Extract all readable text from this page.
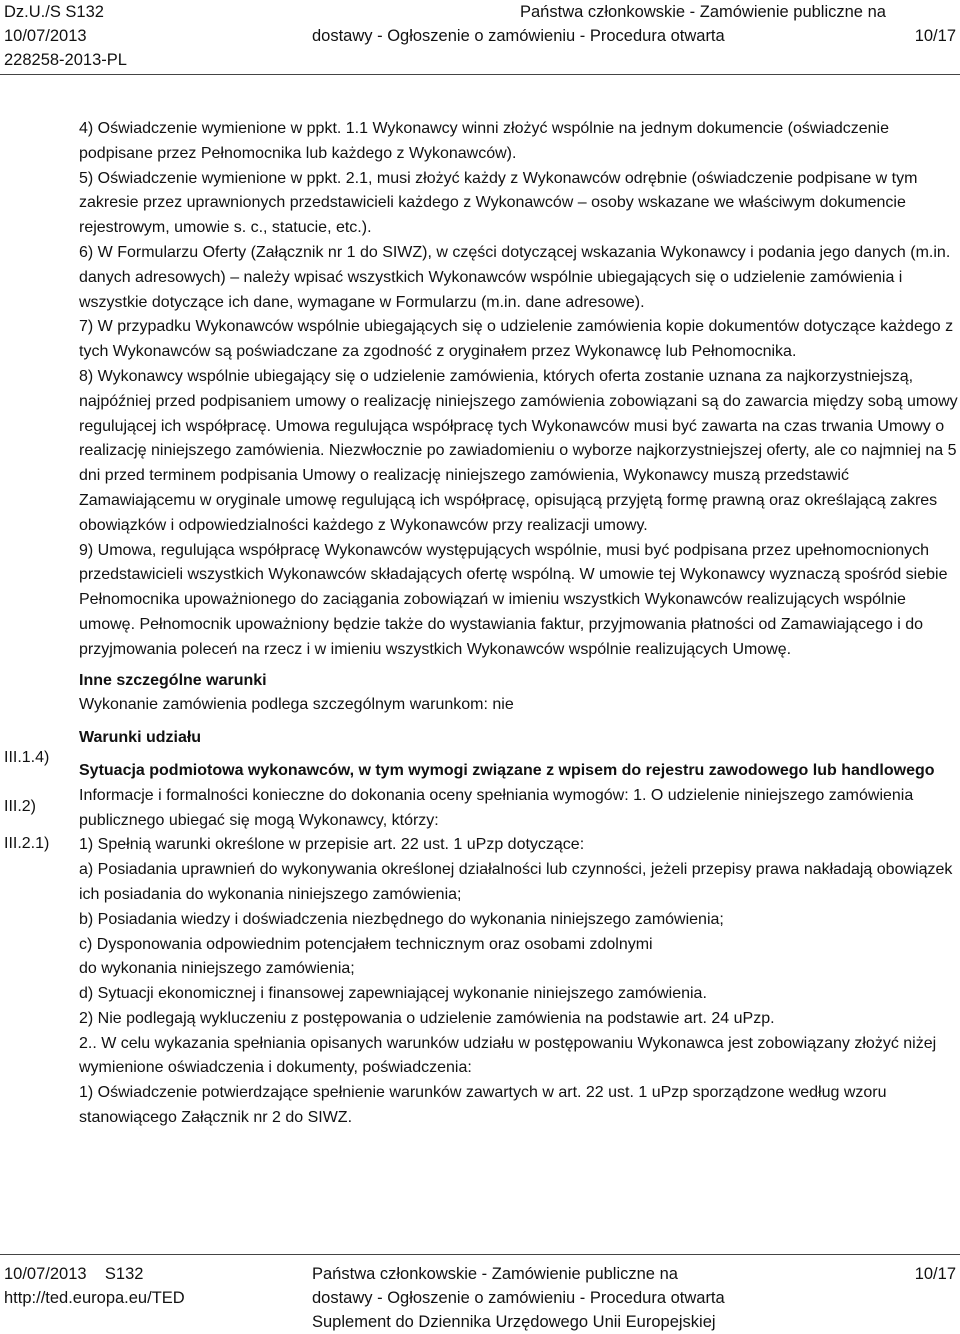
Dz.U./S S132
10/07/2013
228258-2013-PL
Państwa członkowskie - Zamówienie publiczne na
dostawy - Ogłoszenie o zamówieniu - Procedura otwarta	10/17
III.1.4)
III.2)
III.2.1)

4) Oświadczenie wymienione w ppkt. 1.1 Wykonawcy winni złożyć wspólnie na jednym dokumencie (oświadczenie podpisane przez Pełnomocnika lub każdego z Wykonawców).

5) Oświadczenie wymienione w ppkt. 2.1, musi złożyć każdy z Wykonawców odrębnie (oświadczenie podpisane w tym zakresie przez uprawnionych przedstawicieli każdego z Wykonawców – osoby wskazane we właściwym dokumencie rejestrowym, umowie s. c., statucie, etc.).

6) W Formularzu Oferty (Załącznik nr 1 do SIWZ), w części dotyczącej wskazania Wykonawcy i podania jego danych (m.in. danych adresowych) – należy wpisać wszystkich Wykonawców wspólnie ubiegających się o udzielenie zamówienia i wszystkie dotyczące ich dane, wymagane w Formularzu (m.in. dane adresowe).

7) W przypadku Wykonawców wspólnie ubiegających się o udzielenie zamówienia kopie dokumentów dotyczące każdego z tych Wykonawców są poświadczane za zgodność z oryginałem przez Wykonawcę lub Pełnomocnika.

8) Wykonawcy wspólnie ubiegający się o udzielenie zamówienia, których oferta zostanie uznana za najkorzystniejszą, najpóźniej przed podpisaniem umowy o realizację niniejszego zamówienia zobowiązani są do zawarcia między sobą umowy regulującej ich współpracę. Umowa regulująca współpracę tych Wykonawców musi być zawarta na czas trwania Umowy o realizację niniejszego zamówienia. Niezwłocznie po zawiadomieniu o wyborze najkorzystniejszej oferty, ale co najmniej na 5 dni przed terminem podpisania Umowy o realizację niniejszego zamówienia, Wykonawcy muszą przedstawić Zamawiającemu w oryginale umowę regulującą ich współpracę, opisującą przyjętą formę prawną oraz określającą zakres obowiązków i odpowiedzialności każdego z Wykonawców przy realizacji umowy.

9) Umowa, regulująca współpracę Wykonawców występujących wspólnie, musi być podpisana przez upełnomocnionych przedstawicieli wszystkich Wykonawców składających ofertę wspólną. W umowie tej Wykonawcy wyznaczą spośród siebie Pełnomocnika upoważnionego do zaciągania zobowiązań w imieniu wszystkich Wykonawców realizujących wspólnie umowę. Pełnomocnik upoważniony będzie także do wystawiania faktur, przyjmowania płatności od Zamawiającego i do przyjmowania poleceń na rzecz i w imieniu wszystkich Wykonawców wspólnie realizujących Umowę.

Inne szczególne warunki

Wykonanie zamówienia podlega szczególnym warunkom: nie

Warunki udziału

Sytuacja podmiotowa wykonawców, w tym wymogi związane z wpisem do rejestru zawodowego lub handlowego

Informacje i formalności konieczne do dokonania oceny spełniania wymogów: 1. O udzielenie niniejszego zamówienia publicznego ubiegać się mogą Wykonawcy, którzy:

1) Spełnią warunki określone w przepisie art. 22 ust. 1 uPzp dotyczące:

a) Posiadania uprawnień do wykonywania określonej działalności lub czynności, jeżeli przepisy prawa nakładają obowiązek ich posiadania do wykonania niniejszego zamówienia;

b) Posiadania wiedzy i doświadczenia niezbędnego do wykonania niniejszego zamówienia;

c) Dysponowania odpowiednim potencjałem technicznym oraz osobami zdolnymi

do wykonania niniejszego zamówienia;

d) Sytuacji ekonomicznej i finansowej zapewniającej wykonanie niniejszego zamówienia.

2) Nie podlegają wykluczeniu z postępowania o udzielenie zamówienia na podstawie art. 24 uPzp.

2.. W celu wykazania spełniania opisanych warunków udziału w postępowaniu Wykonawca jest zobowiązany złożyć niżej wymienione oświadczenia i dokumenty, poświadczenia:

1) Oświadczenie potwierdzające spełnienie warunków zawartych w art. 22 ust. 1 uPzp sporządzone według wzoru stanowiącego Załącznik nr 2 do SIWZ.

10/07/2013    S132
http://ted.europa.eu/TED
Państwa członkowskie - Zamówienie publiczne na
dostawy - Ogłoszenie o zamówieniu - Procedura otwarta
Suplement do Dziennika Urzędowego Unii Europejskiej
10/17
